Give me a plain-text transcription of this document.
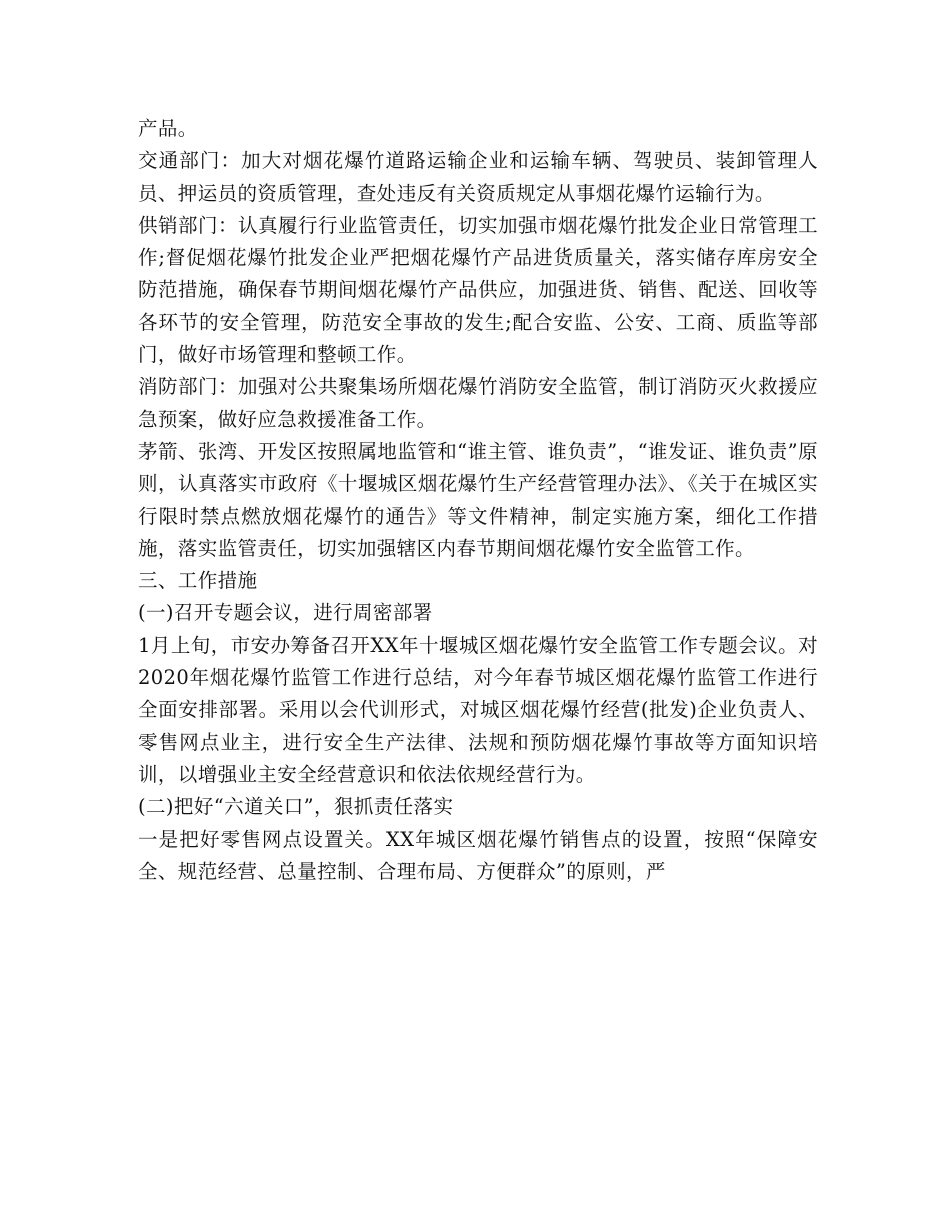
产品。

交通部门：加大对烟花爆竹道路运输企业和运输车辆、驾驶员、装卸管理人员、押运员的资质管理，查处违反有关资质规定从事烟花爆竹运输行为。

供销部门：认真履行行业监管责任，切实加强市烟花爆竹批发企业日常管理工作;督促烟花爆竹批发企业严把烟花爆竹产品进货质量关，落实储存库房安全防范措施，确保春节期间烟花爆竹产品供应，加强进货、销售、配送、回收等各环节的安全管理，防范安全事故的发生;配合安监、公安、工商、质监等部门，做好市场管理和整顿工作。

消防部门：加强对公共聚集场所烟花爆竹消防安全监管，制订消防灭火救援应急预案，做好应急救援准备工作。

茅箭、张湾、开发区按照属地监管和“谁主管、谁负责”，“谁发证、谁负责”原则，认真落实市政府《十堰城区烟花爆竹生产经营管理办法》、《关于在城区实行限时禁点燃放烟花爆竹的通告》等文件精神，制定实施方案，细化工作措施，落实监管责任，切实加强辖区内春节期间烟花爆竹安全监管工作。

三、工作措施

(一)召开专题会议，进行周密部署

1月上旬，市安办筹备召开XX年十堰城区烟花爆竹安全监管工作专题会议。对2020年烟花爆竹监管工作进行总结，对今年春节城区烟花爆竹监管工作进行全面安排部署。采用以会代训形式，对城区烟花爆竹经营(批发)企业负责人、零售网点业主，进行安全生产法律、法规和预防烟花爆竹事故等方面知识培训，以增强业主安全经营意识和依法依规经营行为。

(二)把好“六道关口”，狠抓责任落实

一是把好零售网点设置关。XX年城区烟花爆竹销售点的设置，按照“保障安全、规范经营、总量控制、合理布局、方便群众”的原则，严
